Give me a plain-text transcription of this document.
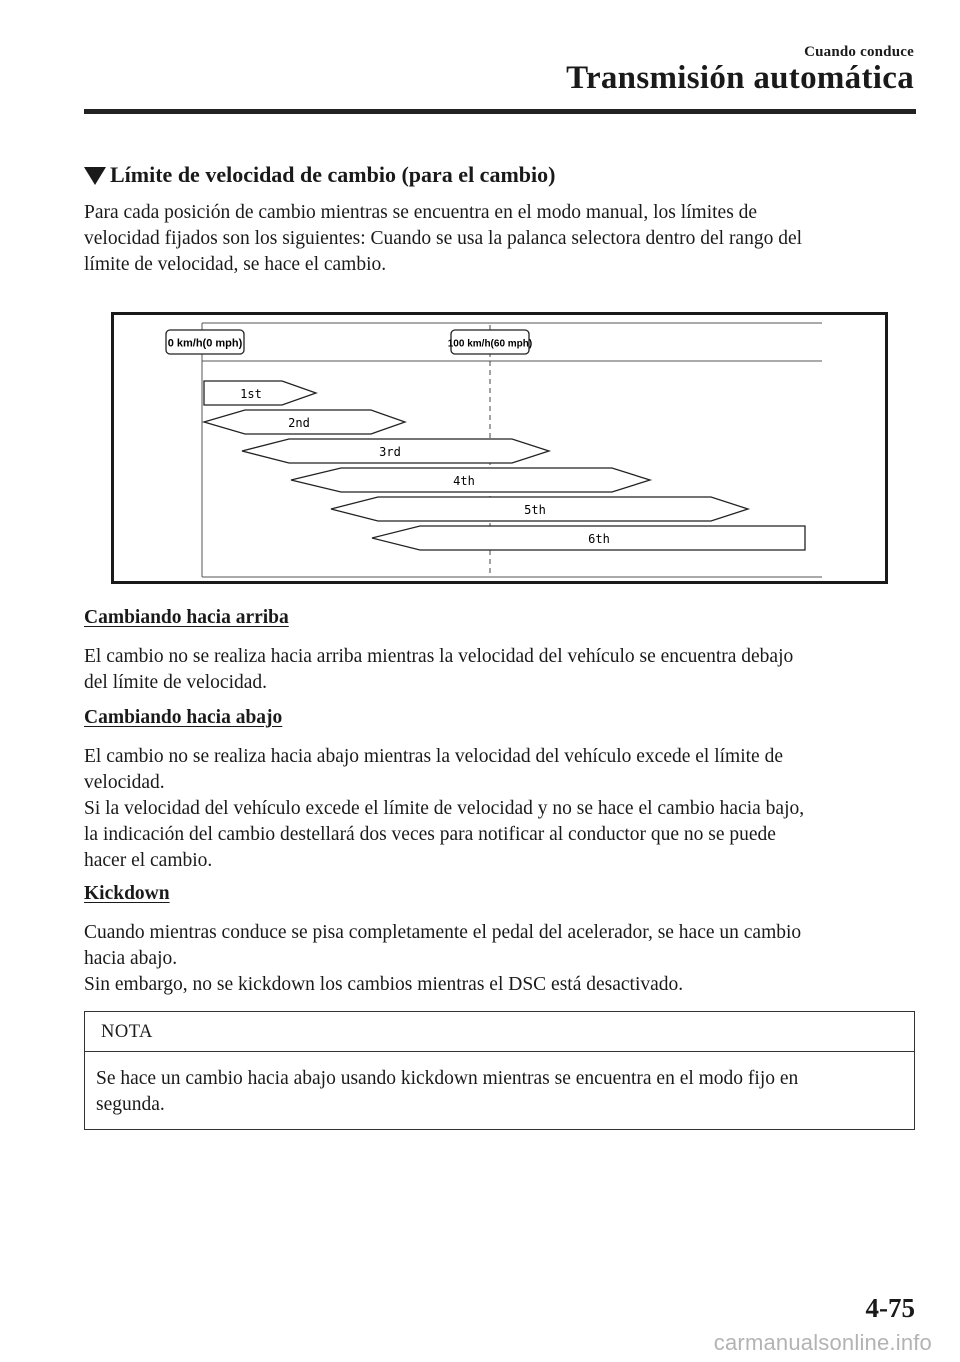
Cuando conduce
Transmisión automática
Límite de velocidad de cambio (para el cambio)
Para cada posición de cambio mientras se encuentra en el modo manual, los límites de
velocidad fijados son los siguientes: Cuando se usa la palanca selectora dentro del rango del
límite de velocidad, se hace el cambio.
0 km/h(0 mph)	100 km/h(60 mph)
1st
2nd
3rd
4th
5th
6th
Cambiando hacia arriba
El cambio no se realiza hacia arriba mientras la velocidad del vehículo se encuentra debajo
del límite de velocidad.
Cambiando hacia abajo
El cambio no se realiza hacia abajo mientras la velocidad del vehículo excede el límite de
velocidad.
Si la velocidad del vehículo excede el límite de velocidad y no se hace el cambio hacia bajo,
la indicación del cambio destellará dos veces para notificar al conductor que no se puede
hacer el cambio.
Kickdown
Cuando mientras conduce se pisa completamente el pedal del acelerador, se hace un cambio
hacia abajo.
Sin embargo, no se kickdown los cambios mientras el DSC está desactivado.
NOTA
Se hace un cambio hacia abajo usando kickdown mientras se encuentra en el modo fijo en
segunda.
4-75
carmanualsonline.info
